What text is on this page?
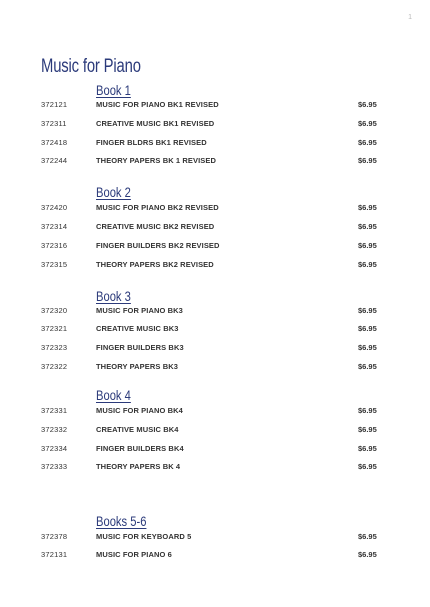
1
Music for Piano
Book 1
372121	MUSIC FOR PIANO BK1 REVISED	$6.95
372311	CREATIVE MUSIC BK1 REVISED	$6.95
372418	FINGER BLDRS BK1 REVISED	$6.95
372244	THEORY PAPERS BK 1 REVISED	$6.95
Book 2
372420	MUSIC FOR PIANO BK2 REVISED	$6.95
372314	CREATIVE MUSIC BK2 REVISED	$6.95
372316	FINGER BUILDERS BK2 REVISED	$6.95
372315	THEORY PAPERS BK2 REVISED	$6.95
Book 3
372320	MUSIC FOR PIANO BK3	$6.95
372321	CREATIVE MUSIC BK3	$6.95
372323	FINGER BUILDERS BK3	$6.95
372322	THEORY PAPERS BK3	$6.95
Book 4
372331	MUSIC FOR PIANO BK4	$6.95
372332	CREATIVE MUSIC BK4	$6.95
372334	FINGER BUILDERS BK4	$6.95
372333	THEORY PAPERS BK 4	$6.95
Books 5-6
372378	MUSIC FOR KEYBOARD 5	$6.95
372131	MUSIC FOR PIANO 6	$6.95
